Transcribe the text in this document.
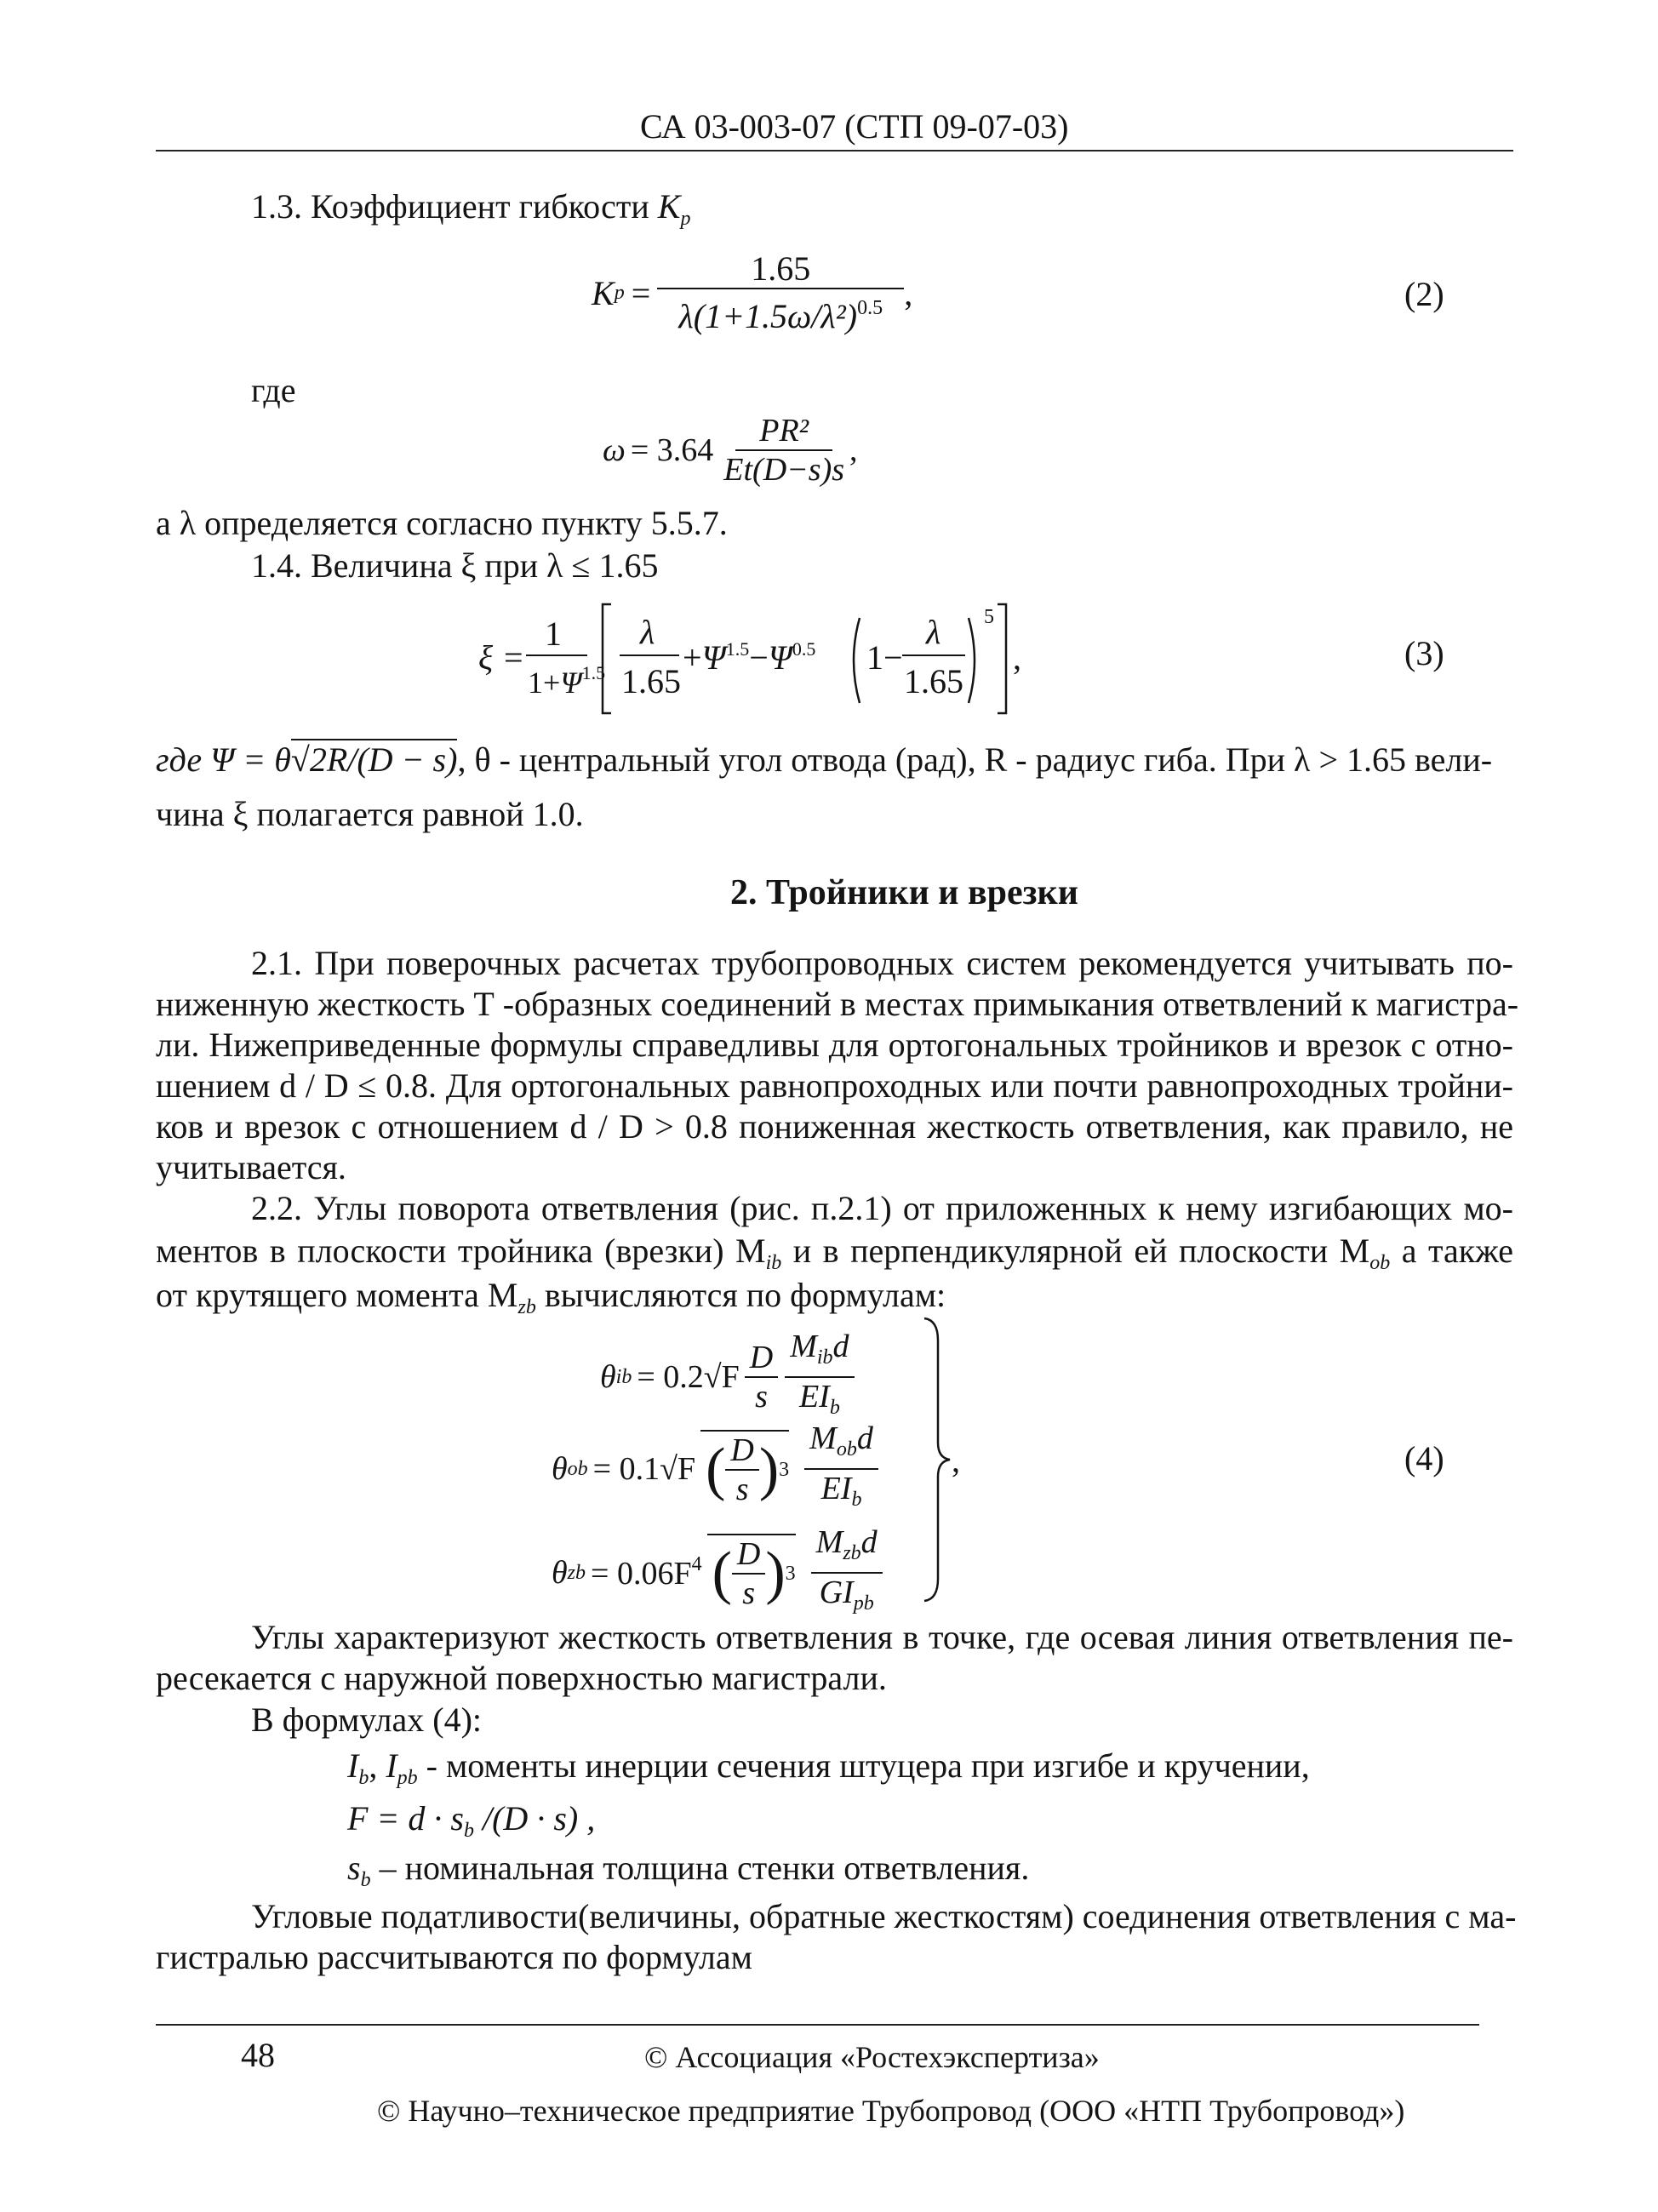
СА 03-003-07 (СТП 09-07-03)
1.3. Коэффициент гибкости $K_p$
K $p = \frac{1.65}{\lambda(1+1.5\omega/\lambda^2)^{0.5}}$ ,	(2)
где
$\omega = 3.64 \frac{\text{PR²}}{Et(D-s)s}$ ,
а λ определяется согласно пункту 5.5.7.
1.4. Величина ξ при λ ≤ 1.65
ξ =
1
$1+\Psi^{1.5}$
λ
1.65
$+\Psi^{1.5}-\Psi^{0.5}$ 1−
λ
1.65
5
,	(3)
где Ψ = θ√2R/(D − s), θ - центральный угол отвода (рад), R - радиус гиба. При λ > 1.65 вели-
чина ξ полагается равной 1.0.
2. Тройники и врезки
2.1. При поверочных расчетах трубопроводных систем рекомендуется учитывать по-
ниженную жесткость Т -образных соединений в местах примыкания ответвлений к магистра-
ли. Нижеприведенные формулы справедливы для ортогональных тройников и врезок с отно-
шением d / D ≤ 0.8. Для ортогональных равнопроходных или почти равнопроходных тройни-
ков и врезок с отношением d / D > 0.8 пониженная жесткость ответвления, как правило, не
учитывается.
2.2. Углы поворота ответвления (рис. п.2.1) от приложенных к нему изгибающих мо-
ментов в плоскости тройника (врезки) $M_{ib}$ и в перпендикулярной ей плоскости $M_{ob}$ а также
от крутящего момента $M_{zb}$ вычисляются по формулам:
θ ib = $0.2√F \frac{D}{s} \frac{M_{ib}d}{EI_b}$
θ ob = 0.1√F ( $\frac{D}{s}$ ) $3 \frac{M_{ob}d}{EI_b}$
θ zb = $0.06F^4$ ( $\frac{D}{s}$ ) $3 \frac{M_{zb}d}{GI_{pb}}$
,	(4)
Углы характеризуют жесткость ответвления в точке, где осевая линия ответвления пе-
ресекается с наружной поверхностью магистрали.
В формулах (4):
$I_b$, $I_{pb}$ - моменты инерции сечения штуцера при изгибе и кручении,
$F = d \cdot s_b$ /(D · s) ,
$s_b$ – номинальная толщина стенки ответвления.
Угловые податливости(величины, обратные жесткостям) соединения ответвления с ма-
гистралью рассчитываются по формулам
48	© Ассоциация «Ростехэкспертиза»
© Научно–техническое предприятие Трубопровод (ООО «НТП Трубопровод»)
